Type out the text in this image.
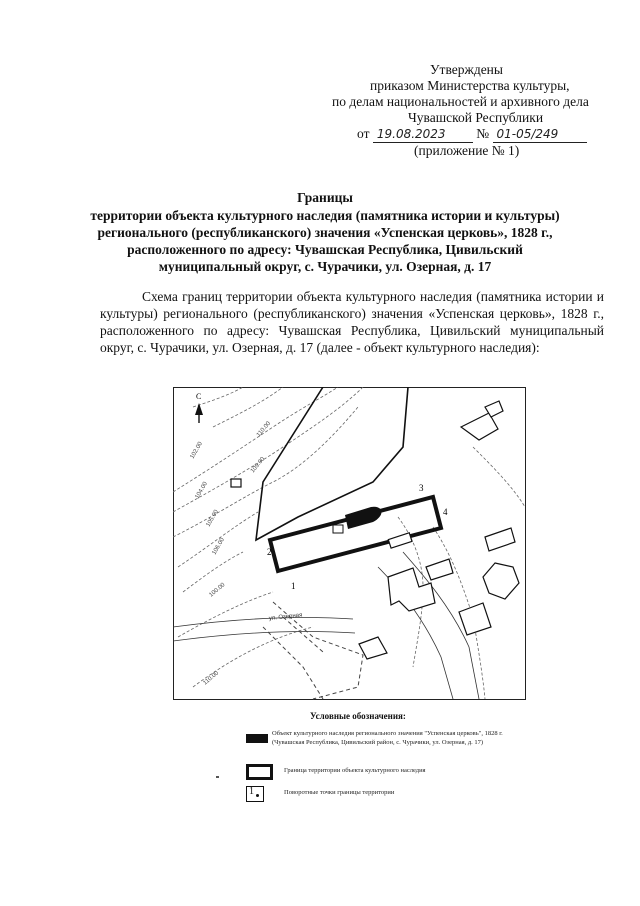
Утверждены
приказом Министерства культуры,
по делам национальностей и архивного дела
Чувашской Республики
от 19.08.2023 № 01-05/249
(приложение № 1)
Границы
территории объекта культурного наследия (памятника истории и культуры)
регионального (республиканского) значения «Успенская церковь», 1828 г.,
расположенного по адресу: Чувашская Республика, Цивильский
муниципальный округ, с. Чурачики, ул. Озерная, д. 17
Схема границ территории объекта культурного наследия (памятника истории и культуры) регионального (республиканского) значения «Успенская церковь», 1828 г., расположенного по адресу: Чувашская Республика, Цивильский муниципальный округ, с. Чурачики, ул. Озерная, д. 17 (далее - объект культурного наследия):
С
1
2
3
4
100.00
110.00
102.00
104.00
105.00
106.00
109.00
110.00
ул. Озерная
Условные обозначения:
Объект культурного наследия регионального значения "Успенская церковь", 1828 г.
(Чувашская Республика, Цивильский район, с. Чурачики, ул. Озерная, д. 17)
Граница территории объекта культурного наследия
1	Поворотные точки границы территории
